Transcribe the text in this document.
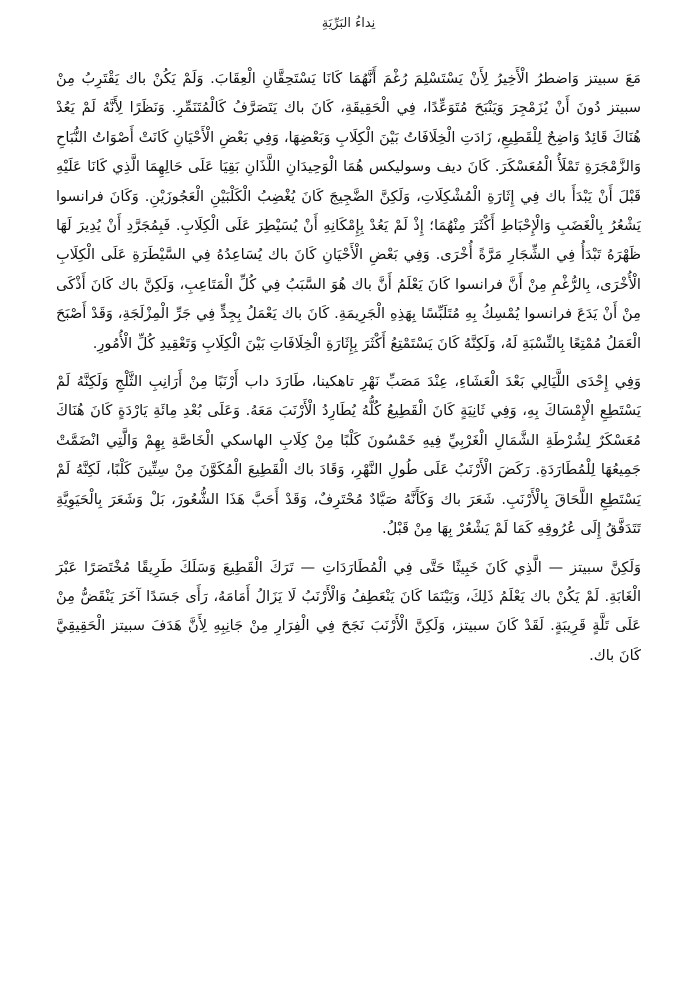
نِداءُ البَرِّيَةِ

مَعَ سبيتز وَاضطرُ الْأَخِيرُ لِأَنْ يَسْتَسْلِمَ رُغْمَ أَنَّهُمَا كَانَا يَسْتَحِقَّانِ الْعِقَابَ. وَلَمْ يَكُنْ باك يَقْتَرِبُ مِنْ سبيتز دُونَ أَنْ يُزَمْجِرَ وَيَنْبَحَ مُتَوَعِّدًا، فِي الْحَقِيقَةِ، كَانَ باك يَتَصَرَّفُ كَالْمُتَنَمِّرِ. وَنَظَرًا لِأَنَّهُ لَمْ يَعُدْ هُنَاكَ قَائِدٌ وَاضِحٌ لِلْقَطِيعِ، زَادَتِ الْخِلَافَاتُ بَيْنَ الْكِلَابِ وَبَعْضِهَا، وَفِي بَعْضِ الْأَحْيَانِ كَانَتْ أَصْوَاتُ النُّبَاحِ وَالزَّمْجَرَةِ تَمْلَأُ الْمُعَسْكَرَ. كَانَ ديف وسوليكس هُمَا الْوَحِيدَانِ اللَّذَانِ بَقِيَا عَلَى حَالِهِمَا الَّذِي كَانَا عَلَيْهِ قَبْلَ أَنْ يَبْدَأَ باك فِي إِثَارَةِ الْمُشْكِلَاتِ، وَلَكِنَّ الضَّجِيجَ كَانَ يُغْضِبُ الْكَلْبَيْنِ الْعَجُوزَيْنِ. وَكَانَ فرانسوا يَشْعُرُ بِالْغَضَبِ وَالْإِحْبَاطِ أَكْثَرَ مِنْهُمَا؛ إِذْ لَمْ يَعُدْ بِإِمْكَانِهِ أَنْ يُسَيْطِرَ عَلَى الْكِلَابِ. فَبِمُجَرَّدِ أَنْ يُدِيرَ لَهَا ظَهْرَهُ تَبْدَأُ فِي الشِّجَارِ مَرَّةً أُخْرَى. وَفِي بَعْضِ الْأَحْيَانِ كَانَ باك يُسَاعِدُهُ فِي السَّيْطَرَةِ عَلَى الْكِلَابِ الْأُخْرَى، بِالرُّغْمِ مِنْ أَنَّ فرانسوا كَانَ يَعْلَمُ أَنَّ باك هُوَ السَّبَبُ فِي كُلِّ الْمَتَاعِبِ، وَلَكِنَّ باك كَانَ أَذْكَى مِنْ أَنْ يَدَعَ فرانسوا يُمْسِكُ بِهِ مُتَلَبِّسًا بِهَذِهِ الْجَرِيمَةِ. كَانَ باك يَعْمَلُ بِجِدٍّ فِي جَرِّ الْمِزْلَجَةِ، وَقَدْ أَصْبَحَ الْعَمَلُ مُمْتِعًا بِالنِّسْبَةِ لَهُ، وَلَكِنَّهُ كَانَ يَسْتَمْتِعُ أَكْثَرَ بِإِثَارَةِ الْخِلَافَاتِ بَيْنَ الْكِلَابِ وَتَعْقِيدِ كُلِّ الْأُمُورِ.

وَفِي إِحْدَى اللَّيَالِي بَعْدَ الْعَشَاءِ، عِنْدَ مَصَبِّ نَهْرِ تاهكينا، طَارَدَ داب أَرْنَبًا مِنْ أَرَانِبِ الثَّلْجِ وَلَكِنَّهُ لَمْ يَسْتَطِعِ الْإِمْسَاكَ بِهِ، وَفِي ثَانِيَةٍ كَانَ الْقَطِيعُ كُلُّهُ يُطَارِدُ الْأَرْنَبَ مَعَهُ. وَعَلَى بُعْدِ مِائَةِ يَارْدَةٍ كَانَ هُنَاكَ مُعَسْكَرٌ لِشُرْطَةِ الشَّمَالِ الْغَرْبِيِّ فِيهِ خَمْسُونَ كَلْبًا مِنْ كِلَابِ الهاسكي الْخَاصَّةِ بِهِمْ وَالَّتِي انْضَمَّتْ جَمِيعُهَا لِلْمُطَارَدَةِ. رَكَضَ الْأَرْنَبُ عَلَى طُولِ النَّهْرِ، وَقَادَ باك الْقَطِيعَ الْمُكَوَّنَ مِنْ سِتِّينَ كَلْبًا، لَكِنَّهُ لَمْ يَسْتَطِعِ اللَّحَاقَ بِالْأَرْنَبِ. شَعَرَ باك وَكَأَنَّهُ صَيَّادٌ مُحْتَرِفٌ، وَقَدْ أَحَبَّ هَذَا الشُّعُورَ، بَلْ وَشَعَرَ بِالْحَيَوِيَّةِ تَتَدَفَّقُ إِلَى عُرُوقِهِ كَمَا لَمْ يَشْعُرْ بِهَا مِنْ قَبْلُ.

وَلَكِنَّ سبيتز — الَّذِي كَانَ خَبِيثًا حَتَّى فِي الْمُطَارَدَاتِ — تَرَكَ الْقَطِيعَ وَسَلَكَ طَرِيقًا مُخْتَصَرًا عَبْرَ الْغَابَةِ. لَمْ يَكُنْ باك يَعْلَمُ ذَلِكَ، وَبَيْنَمَا كَانَ يَنْعَطِفُ وَالْأَرْنَبُ لَا يَزَالُ أَمَامَهُ، رَأَى جَسَدًا آخَرَ يَنْقَضُّ مِنْ عَلَى تَلَّةٍ قَرِيبَةٍ. لَقَدْ كَانَ سبيتز، وَلَكِنَّ الْأَرْنَبَ نَجَحَ فِي الْفِرَارِ مِنْ جَانِبِهِ لِأَنَّ هَدَفَ سبيتز الْحَقِيقِيَّ كَانَ باك.
